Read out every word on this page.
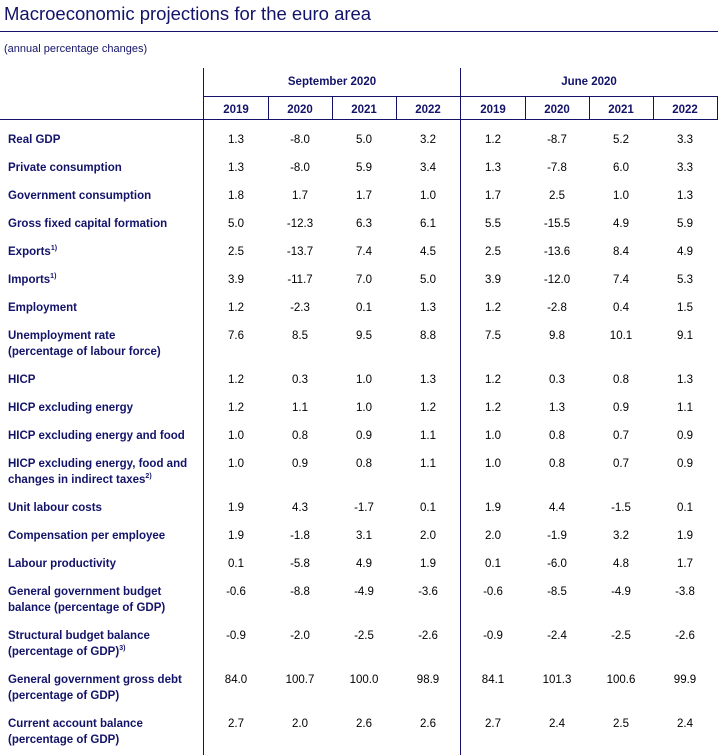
Macroeconomic projections for the euro area
(annual percentage changes)
September 2020	June 2020
2019	2020	2021	2022	2019	2020	2021	2022
Real GDP	1.3	-8.0	5.0	3.2	1.2	-8.7	5.2	3.3
Private consumption	1.3	-8.0	5.9	3.4	1.3	-7.8	6.0	3.3
Government consumption	1.8	1.7	1.7	1.0	1.7	2.5	1.0	1.3
Gross fixed capital formation	5.0	-12.3	6.3	6.1	5.5	-15.5	4.9	5.9
Exports$^{1)}$	2.5	-13.7	7.4	4.5	2.5	-13.6	8.4	4.9
Imports$^{1)}$	3.9	-11.7	7.0	5.0	3.9	-12.0	7.4	5.3
Employment	1.2	-2.3	0.1	1.3	1.2	-2.8	0.4	1.5
Unemployment rate
(percentage of labour force)
7.6	8.5	9.5	8.8	7.5	9.8	10.1	9.1
HICP	1.2	0.3	1.0	1.3	1.2	0.3	0.8	1.3
HICP excluding energy	1.2	1.1	1.0	1.2	1.2	1.3	0.9	1.1
HICP excluding energy and food	1.0	0.8	0.9	1.1	1.0	0.8	0.7	0.9
HICP excluding energy, food and
changes in indirect taxes$^{2)}$
1.0	0.9	0.8	1.1	1.0	0.8	0.7	0.9
Unit labour costs	1.9	4.3	-1.7	0.1	1.9	4.4	-1.5	0.1
Compensation per employee	1.9	-1.8	3.1	2.0	2.0	-1.9	3.2	1.9
Labour productivity	0.1	-5.8	4.9	1.9	0.1	-6.0	4.8	1.7
General government budget
balance (percentage of GDP)
-0.6	-8.8	-4.9	-3.6	-0.6	-8.5	-4.9	-3.8
Structural budget balance
(percentage of GDP)$^{3)}$
-0.9	-2.0	-2.5	-2.6	-0.9	-2.4	-2.5	-2.6
General government gross debt
(percentage of GDP)
84.0	100.7	100.0	98.9	84.1	101.3	100.6	99.9
Current account balance
(percentage of GDP)
2.7	2.0	2.6	2.6	2.7	2.4	2.5	2.4
